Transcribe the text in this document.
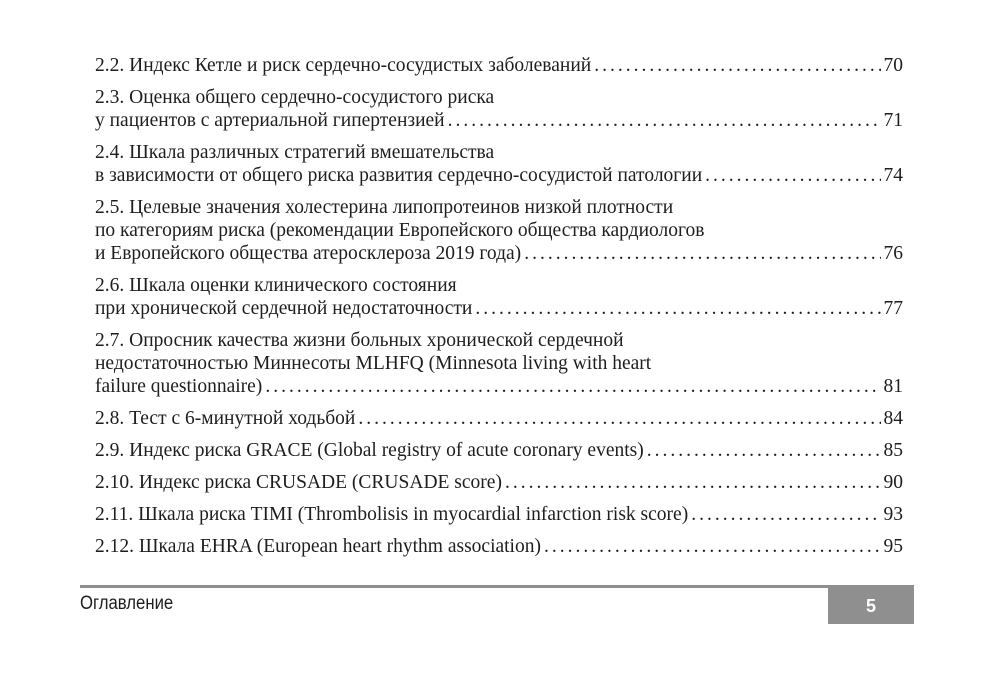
2.2. Индекс Кетле и риск сердечно-сосудистых заболеваний .....	70
2.3. Оценка общего сердечно-сосудистого риска
у пациентов с артериальной гипертензией .....	71
2.4. Шкала различных стратегий вмешательства
в зависимости от общего риска развития сердечно-сосудистой патологии .....	74
2.5. Целевые значения холестерина липопротеинов низкой плотности
по категориям риска (рекомендации Европейского общества кардиологов
и Европейского общества атеросклероза 2019 года) .....	76
2.6. Шкала оценки клинического состояния
при хронической сердечной недостаточности .....	77
2.7. Опросник качества жизни больных хронической сердечной
недостаточностью Миннесоты MLHFQ (Minnesota living with heart
failure questionnaire) .....	81
2.8. Тест с 6-минутной ходьбой .....	84
2.9. Индекс риска GRACE (Global registry of acute coronary events) .....	85
2.10. Индекс риска CRUSADE (CRUSADE score) .....	90
2.11. Шкала риска TIMI (Thrombolisis in myocardial infarction risk score) .....	93
2.12. Шкала EHRA (European heart rhythm association) .....	95
Оглавление	5
